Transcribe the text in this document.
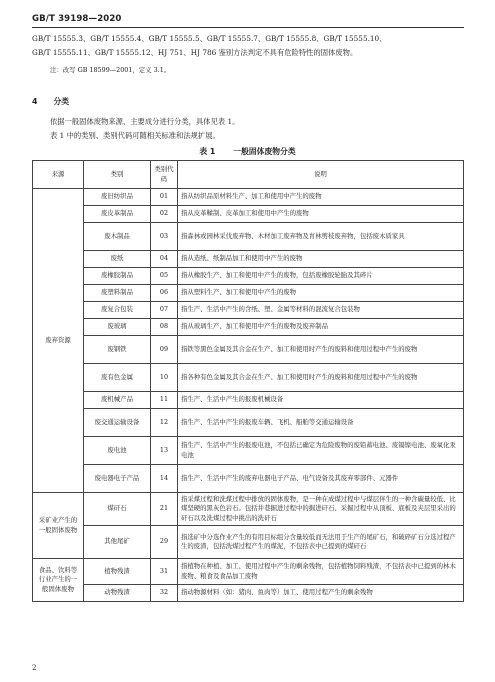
GB/T 39198—2020

GB/T 15555.3、GB/T 15555.4、GB/T 15555.5、GB/T 15555.7、GB/T 15555.8、GB/T 15555.10、

GB/T 15555.11、GB/T 15555.12、HJ 751、HJ 786 鉴别方法判定不具有危险特性的固体废物。

注：改写 GB 18599—2001，定义 3.1。
4 分类
依据一般固体废物来源、主要成分进行分类，具体见表 1。
表 1 中的类别、类别代码可随相关标准和法规扩展。
表 1 一般固体废物分类
来源	类别	类别代码	说明
废弃资源	废旧纺织品	01	指从纺织品原材料生产、加工和使用中产生的废物
	废皮革制品	02	指从皮革鞣制、皮革加工和使用中产生的废物
	废木制品	03	指森林或园林采伐废弃物、木材加工废弃物及育林剪枝废弃物，包括废木质家具
	废纸	04	指从造纸、纸制品加工和使用中产生的废物
	废橡胶制品	05	指从橡胶生产、加工和使用中产生的废物，包括废橡胶轮胎及其碎片
	废塑料制品	06	指从塑料生产、加工和使用中产生的废物
	废复合包装	07	指生产、生活中产生的含纸、塑、金属等材料的混流复合包装物
	废玻璃	08	指从玻璃生产、加工和使用中产生的废物及废弃制品
	废钢铁	09	指铁等黑色金属及其合金在生产、加工和使用时产生的废料和使用过程中产生的废物
	废有色金属	10	指各种有色金属及其合金在生产、加工和使用时产生的废料和使用过程中产生的废物
	废机械产品	11	指生产、生活中产生的报废机械设备
	废交通运输设备	12	指生产、生活中产生的报废车辆、飞机、船舶等交通运输设备
	废电池	13	指生产、生活中产生的报废电池，不包括已确定为危险废物的废铅蓄电池、废镉镍电池、废氧化汞电池
	废电器电子产品	14	指生产、生活中产生的废弃电器电子产品、电气设备及其废弃零部件、元器件
采矿业产生的一般固体废物	煤矸石	21	指采煤过程和洗煤过程中排放的固体废物，是一种在成煤过程中与煤层伴生的一种含碳量较低、比煤坚硬的黑灰色岩石。包括井巷掘进过程中的掘进矸石、采掘过程中从顶板、底板及夹层里采出的矸石以及洗煤过程中挑出的洗矸石
	其他尾矿	29	指选矿中分选作业产生的有用目标组分含量较低而无法用于生产的尾矿石，和破碎矿石分选过程产生的废渣，包括洗煤过程产生的煤泥，不包括表中已提到的煤矸石
食品、饮料等行业产生的一般固体废物	植物残渣	31	指植物在种植、加工、使用过程中产生的剩余残物，包括植物饲料残渣，不包括表中已提到的林木废物、粮食及食品加工废物
	动物残渣	32	指动物源材料（如：猪肉、鱼肉等）加工、使用过程产生的剩余残物
2
